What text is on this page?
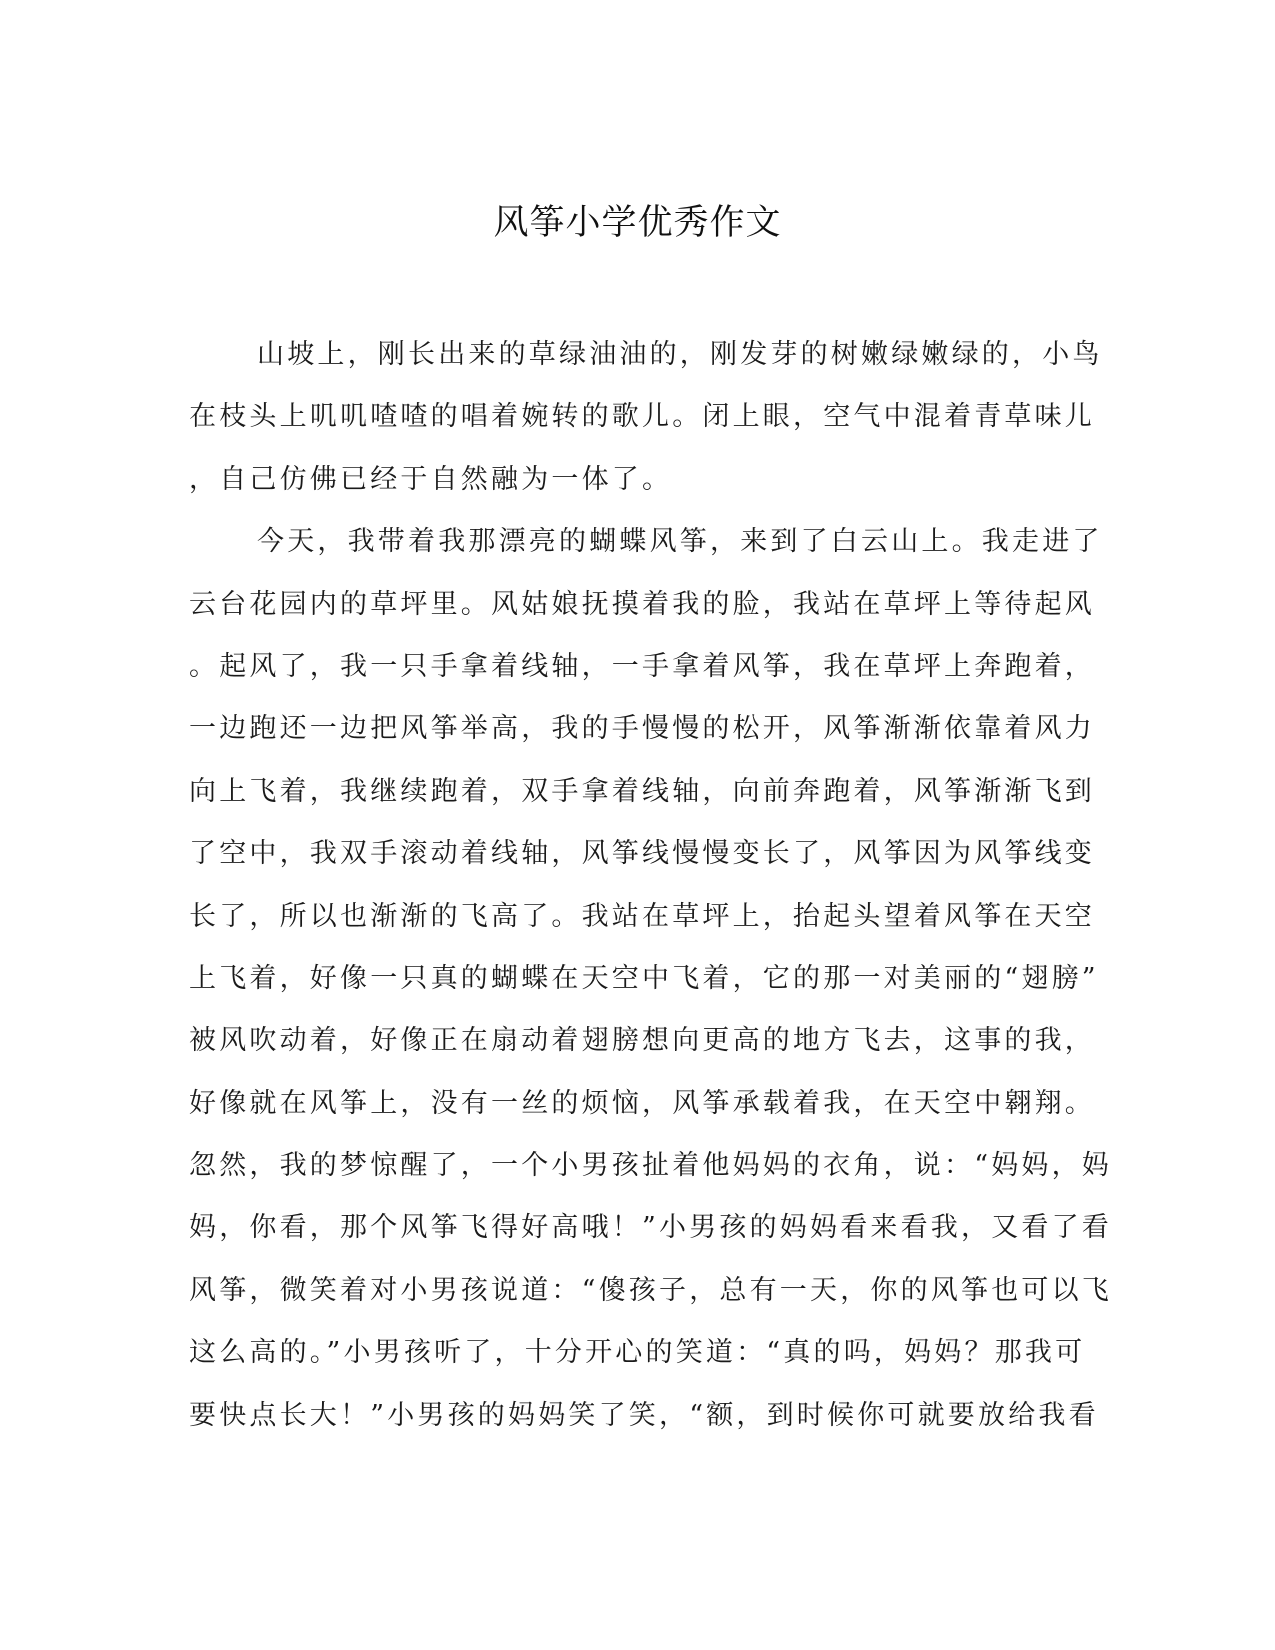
风筝小学优秀作文
山坡上，刚长出来的草绿油油的，刚发芽的树嫩绿嫩绿的，小鸟
在枝头上叽叽喳喳的唱着婉转的歌儿。闭上眼，空气中混着青草味儿
，自己仿佛已经于自然融为一体了。
今天，我带着我那漂亮的蝴蝶风筝，来到了白云山上。我走进了
云台花园内的草坪里。风姑娘抚摸着我的脸，我站在草坪上等待起风
。起风了，我一只手拿着线轴，一手拿着风筝，我在草坪上奔跑着，
一边跑还一边把风筝举高，我的手慢慢的松开，风筝渐渐依靠着风力
向上飞着，我继续跑着，双手拿着线轴，向前奔跑着，风筝渐渐飞到
了空中，我双手滚动着线轴，风筝线慢慢变长了，风筝因为风筝线变
长了，所以也渐渐的飞高了。我站在草坪上，抬起头望着风筝在天空
上飞着，好像一只真的蝴蝶在天空中飞着，它的那一对美丽的“翅膀”
被风吹动着，好像正在扇动着翅膀想向更高的地方飞去，这事的我，
好像就在风筝上，没有一丝的烦恼，风筝承载着我，在天空中翱翔。
忽然，我的梦惊醒了，一个小男孩扯着他妈妈的衣角，说：“妈妈，妈
妈，你看，那个风筝飞得好高哦！”小男孩的妈妈看来看我，又看了看
风筝，微笑着对小男孩说道：“傻孩子，总有一天，你的风筝也可以飞
这么高的。”小男孩听了，十分开心的笑道：“真的吗，妈妈？那我可
要快点长大！”小男孩的妈妈笑了笑，“额，到时候你可就要放给我看
